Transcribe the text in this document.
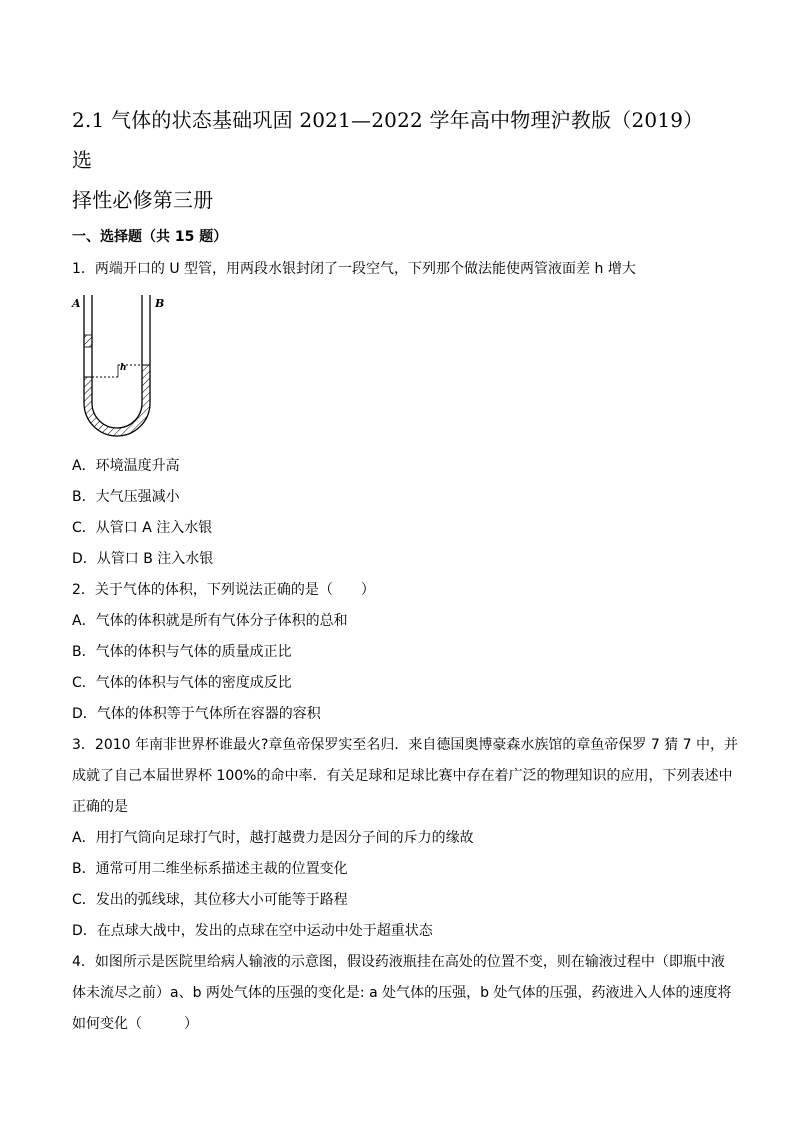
2.1 气体的状态基础巩固 2021—2022 学年高中物理沪教版（2019）选
择性必修第三册
一、选择题（共 15 题）
1．两端开口的 U 型管，用两段水银封闭了一段空气，下列那个做法能使两管液面差 h 增大
A	B
h
A．环境温度升高
B．大气压强减小
C．从管口 A 注入水银
D．从管口 B 注入水银
2．关于气体的体积，下列说法正确的是（　　）
A．气体的体积就是所有气体分子体积的总和
B．气体的体积与气体的质量成正比
C．气体的体积与气体的密度成反比
D．气体的体积等于气体所在容器的容积
3．2010 年南非世界杯谁最火?章鱼帝保罗实至名归．来自德国奥博豪森水族馆的章鱼帝保罗 7 猜 7 中，并
成就了自己本届世界杯 100%的命中率．有关足球和足球比赛中存在着广泛的物理知识的应用，下列表述中
正确的是
A．用打气筒向足球打气时，越打越费力是因分子间的斥力的缘故
B．通常可用二维坐标系描述主裁的位置变化
C．发出的弧线球，其位移大小可能等于路程
D．在点球大战中，发出的点球在空中运动中处于超重状态
4．如图所示是医院里给病人输液的示意图，假设药液瓶挂在高处的位置不变，则在输液过程中（即瓶中液
体未流尽之前）a、b 两处气体的压强的变化是: a 处气体的压强，b 处气体的压强，药液进入人体的速度将
如何变化（　　　）
